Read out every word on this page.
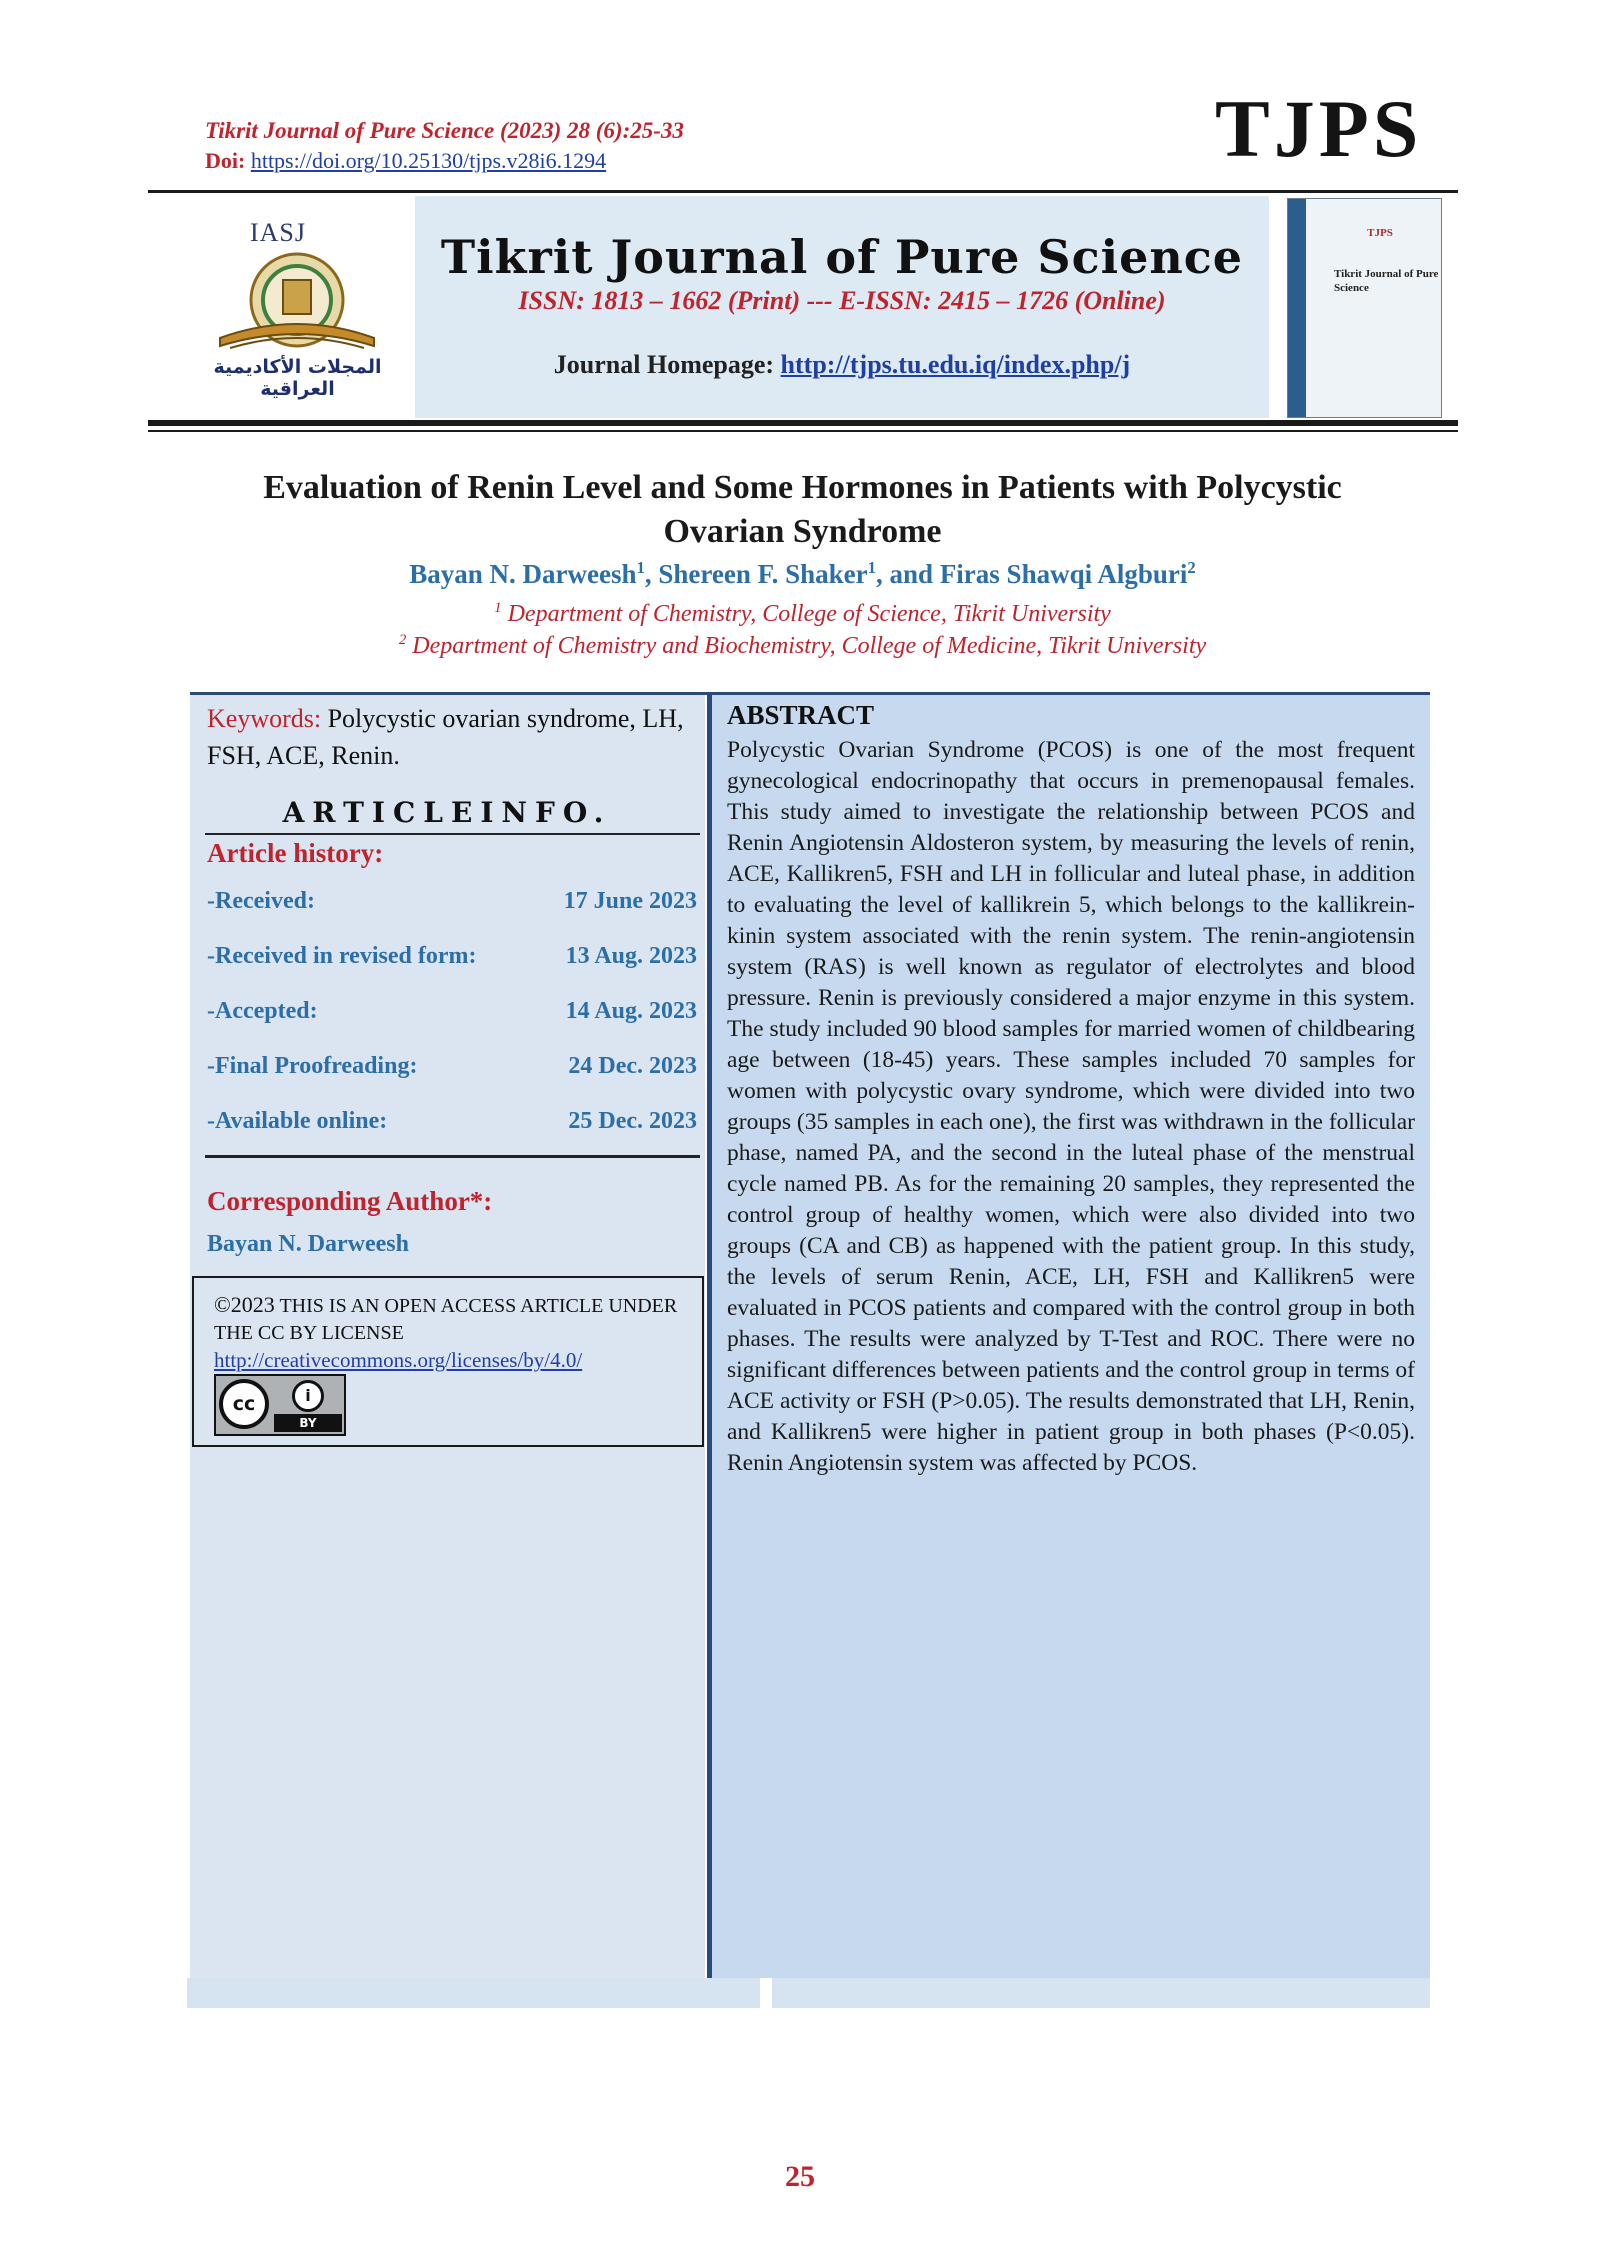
Tikrit Journal of Pure Science (2023) 28 (6):25-33
Doi: https://doi.org/10.25130/tjps.v28i6.1294	TJPS
IASJ
المجلات الأكاديمية العراقية
Tikrit Journal of Pure Science
ISSN: 1813 – 1662 (Print) --- E-ISSN: 2415 – 1726 (Online)
Journal Homepage: http://tjps.tu.edu.iq/index.php/j
TJPS
Tikrit Journal of Pure Science
Evaluation of Renin Level and Some Hormones in Patients with Polycystic
Ovarian Syndrome
Bayan N. Darweesh$^1$, Shereen F. Shaker$^1$, and Firas Shawqi Algburi$^2$
$^1$ Department of Chemistry, College of Science, Tikrit University
$^2$ Department of Chemistry and Biochemistry, College of Medicine, Tikrit University
Keywords: Polycystic ovarian syndrome, LH, FSH, ACE, Renin.
ARTICLEINFO.
Article history:
-Received:	17 June 2023
-Received in revised form:	13 Aug. 2023
-Accepted:	14 Aug. 2023
-Final Proofreading:	24 Dec. 2023
-Available online:	25 Dec. 2023
Corresponding Author*:
Bayan N. Darweesh
©2023 THIS IS AN OPEN ACCESS ARTICLE UNDER THE CC BY LICENSE
http://creativecommons.org/licenses/by/4.0/
cc	i
BY
ABSTRACT
Polycystic Ovarian Syndrome (PCOS) is one of the most frequent gynecological endocrinopathy that occurs in premenopausal females. This study aimed to investigate the relationship between PCOS and Renin Angiotensin Aldosteron system, by measuring the levels of renin, ACE, Kallikren5, FSH and LH in follicular and luteal phase, in addition to evaluating the level of kallikrein 5, which belongs to the kallikrein-kinin system associated with the renin system. The renin-angiotensin system (RAS) is well known as regulator of electrolytes and blood pressure. Renin is previously considered a major enzyme in this system. The study included 90 blood samples for married women of childbearing age between (18-45) years. These samples included 70 samples for women with polycystic ovary syndrome, which were divided into two groups (35 samples in each one), the first was withdrawn in the follicular phase, named PA, and the second in the luteal phase of the menstrual cycle named PB. As for the remaining 20 samples, they represented the control group of healthy women, which were also divided into two groups (CA and CB) as happened with the patient group. In this study, the levels of serum Renin, ACE, LH, FSH and Kallikren5 were evaluated in PCOS patients and compared with the control group in both phases. The results were analyzed by T-Test and ROC. There were no significant differences between patients and the control group in terms of ACE activity or FSH (P>0.05). The results demonstrated that LH, Renin, and Kallikren5 were higher in patient group in both phases (P<0.05). Renin Angiotensin system was affected by PCOS.
25
